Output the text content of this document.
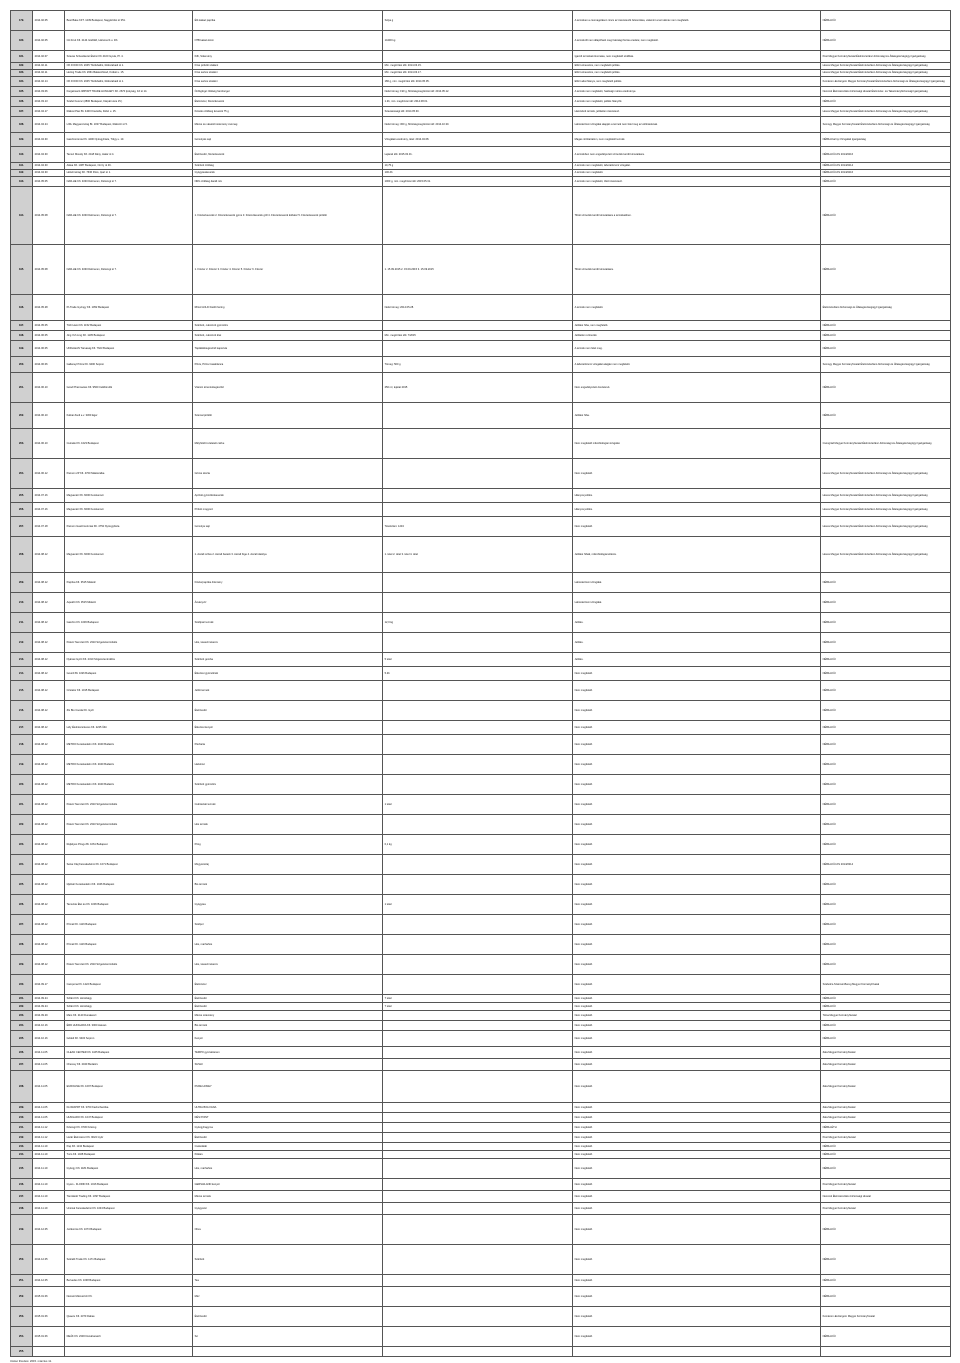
179.	2014.02.05	Best Bake KFT. 1239 Budapest, Nagykőrösi út 351.	Élő kakaó paprika	Súlya g	A terméken a csomagoláson nincs az összetevők felsorolása, valamint a terméknév nem megfelelő.	NÉBIH-KÜI
180.	2014.02.05	Citi Fruit Kft. 2144 Gödöllő, Hársmező u. 3/b	NTB kakaó krém	14400 kg	A termékről nem állapítható meg hatósági forrás eredete; nem megfelelő.	NÉBIH-KÜI
181.	2014.02.07	Szavas Szövetkezet Élelmi KK 4100 Gyula, Pf. 4.	Kifli, Sütemény		Igazolt termékek kivonása, nem megfelelő szállítás.	Pest Megyei Kormányhivatal Élelmiszerlánc-biztonsági és Állategészségügyi Igazgatóság
182.	2014.02.11	OK FOOD Kft. 2045 Törökbálint, Rétiszabadi út 1.	Friss pörkölt szalámi	Min. megőrzési idő: 2014.03.15.	Előírt elnevezés, nem megfelelő jelölés.	Heves Megyei Kormányhivatal Élelmiszerlánc-biztonsági és Állategészségügyi Igazgatóság
183.	2014.02.11	Hering Trade Kft. 2661 Balatonfüred, Kútkút u. 15.	Friss sertés szalámi	Min. megőrzési idő: 2014.03.17.	Előírt elnevezés, nem megfelelő jelölés.	Heves Megyei Kormányhivatal Élelmiszerlánc-biztonsági és Állategészségügyi Igazgatóság
184.	2014.02.14	OK FOOD Kft. 2045 Törökbálint, Rétiszabadi út 1.	Friss sertés szalámi	180 g, min. megőrzési idő: 2014.05.05.	Előírt adat hiánya, nem megfelelő jelölés.	Komárom-Esztergom Megyei Kormányhivatal Élelmiszerlánc-biztonsági és Állategészségügyi Igazgatóság
185.	2014.03.06	Forgalmazó IMPORT TRADE HUNGARY Kft. 2670 Ipolyság, Fő út 14.	Ördögfogó zöldség hamburger	Nettó tömeg: 190 g, Minőségmegőrzési idő: 2014.05.12.	A termék nem megfelelő, hatósági mérés eredménye.	Nemzeti Élelmiszerlánc-biztonsági Hivatal Élelmiszer- és Takarmánybiztonsági Igazgatóság
186.	2014.03.13	Szabó Ferenc (2800 Budapest, Kárpáti utca 15.)	Élelmiszer, fűszerkeverék	1 db, min. megőrzési idő: 2014.08.01.	A termék nem megfelelő, jelölés hiányzik.	NÉBIH-KÜI
187.	2014.04.17	Rákosi Piac Bt. 4400 Kisvárda, Dobó u. 15.	Köretés zöldség keverék 75 g	Szavatossági idő: 2014.05.30.	Hamisított termék, jelöletlen összetevő.	Heves Megyei Kormányhivatal Élelmiszerlánc-biztonsági és Állategészségügyi Igazgatóság
188.	2014.04.24	LIDL Magyarország Bt. 1037 Budapest, Rákóczi út 5.	Mézes és vásárolt sütemény csomag	Nettó tömeg: 300 g, Minőségmegőrzési idő: 2014.10.30.	Laboratóriumi vizsgálat alapján a termék nem felel meg az előírásoknak.	Somogy Megyei Kormányhivatal Élelmiszerlánc-biztonsági és Állategészségügyi Igazgatóság
189.	2014.04.30	Gasztronómia Kft. 4400 Nyíregyháza, Tölgy u. 10.	Gomolyás sajt	Vizsgálati eredmény, tétel: 2014.04.08.	Magas nitrittartalom, nem megfelelő termék.	NÉBIH-Karinyi Vizsgálati Igazgatóság
190.	2014.04.30	Tamuz Mosoly Kft. 2118 Dány, Határ út 4.	Ételízesítő, fűszerkeverék	Lejárati idő: 2015.03.31.	A termékben nem engedélyezett színezék került kimutatásra.	NÉBIH-KÜI-KS 2014/0216
191.	2014.04.30	Aldea Kft. 1087 Budapest, Orczy út 46.	Szárított zöldség	10,75 g	A termék nem megfelelő, laboratóriumi vizsgálat.	NÉBIH-KÜI-KS 2014/0214
192.	2014.04.30	Hétszínvirág Kft. 7636 Pécs, Ipari út 1.	Gyógyteakeverék	100 db	A termék nem megfelelő.	NÉBIH-KÜI-KS 2014/0216
193.	2014.05.05	NAR-HE Kft. 4030 Debrecen, Diószegi út 7.	NRG zöldség darált mix	1000 g, min. megőrzési idő: 2015.05.31.	A termék nem megfelelő, tiltott összetevő.	NÉBIH-KÜI
194.	2014.05.08	NAR-HE Kft. 4030 Debrecen, Diószegi út 7.	1. Fűszerkeverék 2. Fűszerkeverék gyros 3. Fűszerkeverék grill 4. Fűszerkeverék kolbász 5. Fűszerkeverék pörkölt		Tiltott színezék került kimutatásra a termékekben.	NÉBIH-KÜI
195.	2014.05.08	NAR-HE Kft. 4030 Debrecen, Diószegi út 7.	1. Fűszer 2. Fűszer 3. Fűszer 4. Fűszer 5. Fűszer 6. Fűszer	1. 15.09.2015 2. 15.09.2015 3. 15.09.2015	Tiltott színezék került kimutatásra.	NÉBIH-KÜI
196.	2014.05.28	Pt-Trade Gyöngy Kft. 1052 Budapest	RIGA GOLD füstölt hering	Nettó tömeg: 2014.05.28.	A termék nem megfelelő.	Élelmiszerlánc-biztonsági és Állategészségügyi Igazgatóság
197.	2014.05.05	Tóth Hami Kft. 1152 Budapest	Szárított, cukrozott gyümölcs		Jelölési hiba, nem megfelelő.	NÉBIH-KÜI
198.	2014.06.05	Jing Yeh Ling Kft. 1105 Budapest	Szárított, cukrozott kiwi	Min. megőrzési idő: 7/2015	Jelöletlen színezék.	NÉBIH-KÜI
199.	2014.06.05	UNIGLEAN Társaság Kft. 7623 Budapest	Táplálékkiegészítő kapszula		A termék nem felel meg.	NÉBIH-KÜI
200.	2014.06.06	Gallerayi Pizza Kft. 9400 Sopron	Pizza, Pizza Casablanca	Tömeg: 500 g	A laboratóriumi vizsgálat alapján nem megfelelő.	Somogy Megyei Kormányhivatal Élelmiszerlánc-biztonsági és Állategészségügyi Igazgatóság
201.	2014.06.10	Good Pharmacies Kft. 9500 Celldömölk	Vitamin étrend-kiegészítő	250 ml, lejárat 2015	Nem engedélyezett összetevő.	NÉBIH-KÜI
202.	2014.06.10	Kálnai Zsolt e.v. 3300 Eger	Szamocpörkölt		Jelölési hiba.	NÉBIH-KÜI
203.	2014.06.10	Cutrade Kft. 1023 Budapest	Mélyhűtött szeletelt csirke		Nem megfelelő mikrobiológiai vizsgálat.	Csongrád Megyei Kormányhivatal Élelmiszerlánc-biztonsági és Állategészségügyi Igazgatóság
204.	2014.06.12	Pannon 2P Kft. 4700 Mátészalka	Grízes tészta		Nem megfelelő.	Heves Megyei Kormányhivatal Élelmiszerlánc-biztonsági és Állategészségügyi Igazgatóság
205.	2014.07.16	Magvantér Kft. 6000 Kecskemét	Aprított gyümölcskeverék		Hiányos jelölés.	Heves Megyei Kormányhivatal Élelmiszerlánc-biztonsági és Állategészségügyi Igazgatóság
206.	2014.07.16	Magvantér Kft. 6000 Kecskemét	Pirított mogyoró		Hiányos jelölés.	Heves Megyei Kormányhivatal Élelmiszerlánc-biztonsági és Állategészségügyi Igazgatóság
207.	2014.07.18	Pannon Gasztronómiai Kft. 4752 Nyíregyháza	Gomolya sajt	Tételszám: 1234	Nem megfelelő.	Heves Megyei Kormányhivatal Élelmiszerlánc-biztonsági és Állategészségügyi Igazgatóság
208.	2014.08.12	Magvantér Kft. 6000 Kecskemét	1. Aszalt szilva 2. Aszalt barack 3. Aszalt füge 4. Aszalt datolya	1. tétel 2. tétel 3. tétel 4. tétel	Jelölési hibák, mikrobiológiai eltérés.	Heves Megyei Kormányhivatal Élelmiszerlánc-biztonsági és Állategészségügyi Igazgatóság
209.	2014.08.12	Paprika Kft. 3515 Miskolc	Fűszerpaprika őrlemény		Laboratóriumi vizsgálat.	NÉBIH-KÜI
210.	2014.08.12	AquaFit Kft. 3515 Miskolc	Ásványvíz		Laboratóriumi vizsgálat.	NÉBIH-KÜI
211.	2014.08.12	Gasztro Kft. 1036 Budapest	Sütőipari termék	12,0 kg	Jelölés.	NÉBIH-KÜI
212.	2014.08.12	Pelecz Nemzeti Kft. 2310 Szigetszentmiklós	Hús, tavaszi tekercs		Jelölés.	NÉBIH-KÜI
213.	2014.08.12	Nyárasi Győri Kft. 2310 Szigetszentmiklós	Szárított gomba	5 tétel	Jelölés.	NÉBIH-KÜI
214.	2014.08.12	Gourdi Bt. 1196 Budapest	Étkezési gyümölcslé	5 db	Nem megfelelő.	NÉBIH-KÜI
215.	2014.08.12	Cristalor Kft. 1015 Budapest	Jelölt termék		Nem megfelelő.	NÉBIH-KÜI
216.	2014.08.12	ZG Bio Csoda Kft. Győr	Ételízesítő		Nem megfelelő.	NÉBIH-KÜI
217.	2014.08.12	Lidy Élelmiszerkeres Kft. 2225 Üllő	Étkezési kenyér		Nem megfelelő.	NÉBIH-KÜI
218.	2014.08.12	METRO Kereskedelmi Kft. 2040 Budaörs	Pisztácia		Nem megfelelő.	NÉBIH-KÜI
219.	2014.08.12	METRO Kereskedelmi Kft. 2040 Budaörs	Hazelnut		Nem megfelelő.	NÉBIH-KÜI
220.	2014.08.12	METRO Kereskedelmi Kft. 2040 Budaörs	Szárított gyümölcs		Nem megfelelő.	NÉBIH-KÜI
221.	2014.08.12	Pelecz Nemzeti Kft. 2310 Szigetszentmiklós	Cukrászati termék	1 tétel	Nem megfelelő.	NÉBIH-KÜI
222.	2014.08.12	Pelecz Nemzeti Kft. 2310 Szigetszentmiklós	Hús termék		Nem megfelelő.	NÉBIH-KÜI
223.	2014.08.12	Rejtélyes Pirogu Bt. 1061 Budapest	Pirog	0,1 kg	Nem megfelelő.	NÉBIH-KÜI
224.	2014.08.12	Selva Olaj Kereskedelmi Kft. 1071 Budapest	Mogyoróolaj		Nem megfelelő.	NÉBIH-KÜI-KS 2014/0314
225.	2014.08.12	Idjélvár Kereskedelmi Kft. 1046 Budapest	Bio termék		Nem megfelelő.	NÉBIH-KÜI
226.	2014.08.12	Tamuzás Élet és Kft. 1036 Budapest	Gyógytea	1 tétel	Nem megfelelő.	NÉBIH-KÜI
227.	2014.08.12	Primal Kft. 1116 Budapest	Sütőpor		Nem megfelelő.	NÉBIH-KÜI
228.	2014.08.12	Primal Kft. 1116 Budapest	Hús, marhahús		Nem megfelelő.	NÉBIH-KÜI
229.	2014.08.12	Pelecz Nemzeti Kft. 2310 Szigetszentmiklós	Hús, tavaszi tekercs		Nem megfelelő.	NÉBIH-KÜI
230.	2014.09.17	Campona Kft. 1222 Budapest	Élelmiszer		Nem megfelelő.	Szabolcs-Szatmár-Bereg Megyei Kormányhivatal
231.	2014.09.24	Szilárd Kft. Hortobágy	Ételízesítő	7 tétel	Nem megfelelő.	NÉBIH-KÜI
232.	2014.09.24	Szilárd Kft. Hortobágy	Ételízesítő	7 tétel	Nem megfelelő.	NÉBIH-KÜI
233.	2014.09.29	Mars Kft. 2120 Dunakeszi	Mézes sütemény		Nem megfelelő.	Tolna Megyei Kormányhivatal
234.	2014.10.16	ÉRD HUNGARIA Kft. 3000 Hatvan	Bio termék		Nem megfelelő.	NÉBIH-KÜI
235.	2014.10.16	Gödeli Kft. 9400 Sopron	Kenyér		Nem megfelelő.	NÉBIH-KÜI
236.	2014.11.05	CLEAN CENTER Kft. 1165 Budapest	TEMPO gyorsétterem		Nem megfelelő.	Zala Megyei Kormányhivatal
237.	2014.11.05	Cheresy Kft. 2040 Budaörs	SUSHI		Nem megfelelő.	Zala Megyei Kormányhivatal
238.	2014.11.05	EUROLINE Kft. 1097 Budapest	PURE HONEY		Nem megfelelő.	Zala Megyei Kormányhivatal
239.	2014.11.05	FLORAPRT Kft. 3700 Kazincbarcika	ULTRA BOLOGNA		Nem megfelelő.	Zala Megyei Kormányhivatal
240.	2014.11.05	HUNGARO Kft. 1047 Budapest	DÉS POINT		Nem megfelelő.	Zala Megyei Kormányhivatal
241.	2014.11.12	Kőszegi Kft. 9730 Kőszeg	Gyöngyhagyma		Nem megfelelő.	NÉBIH-ÉTH
242.	2014.11.12	Lázár Élelmiszer Kft. 9024 Győr	Ételízesítő		Nem megfelelő.	Pest Megyei Kormányhivatal
243.	2014.11.19	Pap Kft. 1134 Budapest	Csokoládé		Nem megfelelő.	NÉBIH-KÜI
244.	2014.11.19	Tuzo Kft. 1028 Budapest	Pékáru		Nem megfelelő.	NÉBIH-KÜI
245.	2014.11.19	Gyöngy Kft. 1181 Budapest	Hús, marhahús		Nem megfelelő.	NÉBIH-KÜI
246.	2014.11.19	Gyors - FLORIN Kft. 1016 Budapest	GERSAILAND kenyér		Nem megfelelő.	Pest Megyei Kormányhivatal
247.	2014.11.19	Támlátokt Trading Kft. 1097 Budapest	Mézes termék		Nem megfelelő.	Nemzeti Élelmiszerlánc-biztonsági Hivatal
248.	2014.11.19	Unicoal Kereskedelmi Kft. 1043 Budapest	Gyógyszer		Nem megfelelő.	Pest Megyei Kormányhivatal
249.	2014.12.05	Jurtkontos Kft. 1073 Budapest	Olíva		Nem megfelelő.	NÉBIH-KÜI
250.	2014.12.05	Sokrafit Trade Kft. 1171 Budapest	Szárított		Nem megfelelő.	NÉBIH-KÜI
251.	2014.12.05	Bervedes Kft. 1038 Budapest	Tea		Nem megfelelő.	NÉBIH-KÜI
252.	2015.01.06	Nemeti Mézeszüzi Kft.	Méz		Nem megfelelő.	NÉBIH-KÜI
253.	2015.01.06	Quaeru Kft. 2370 Dabas	Ételízesítő		Nem megfelelő.	Komárom-Esztergom Megyei Kormányhivatal
254.	2015.01.06	DEÁK Kft. 2330 Dunaharaszti	Só		Nem megfelelő.	NÉBIH-KÜI
255.						
Utolsó frissítés: 2015. március 11.
